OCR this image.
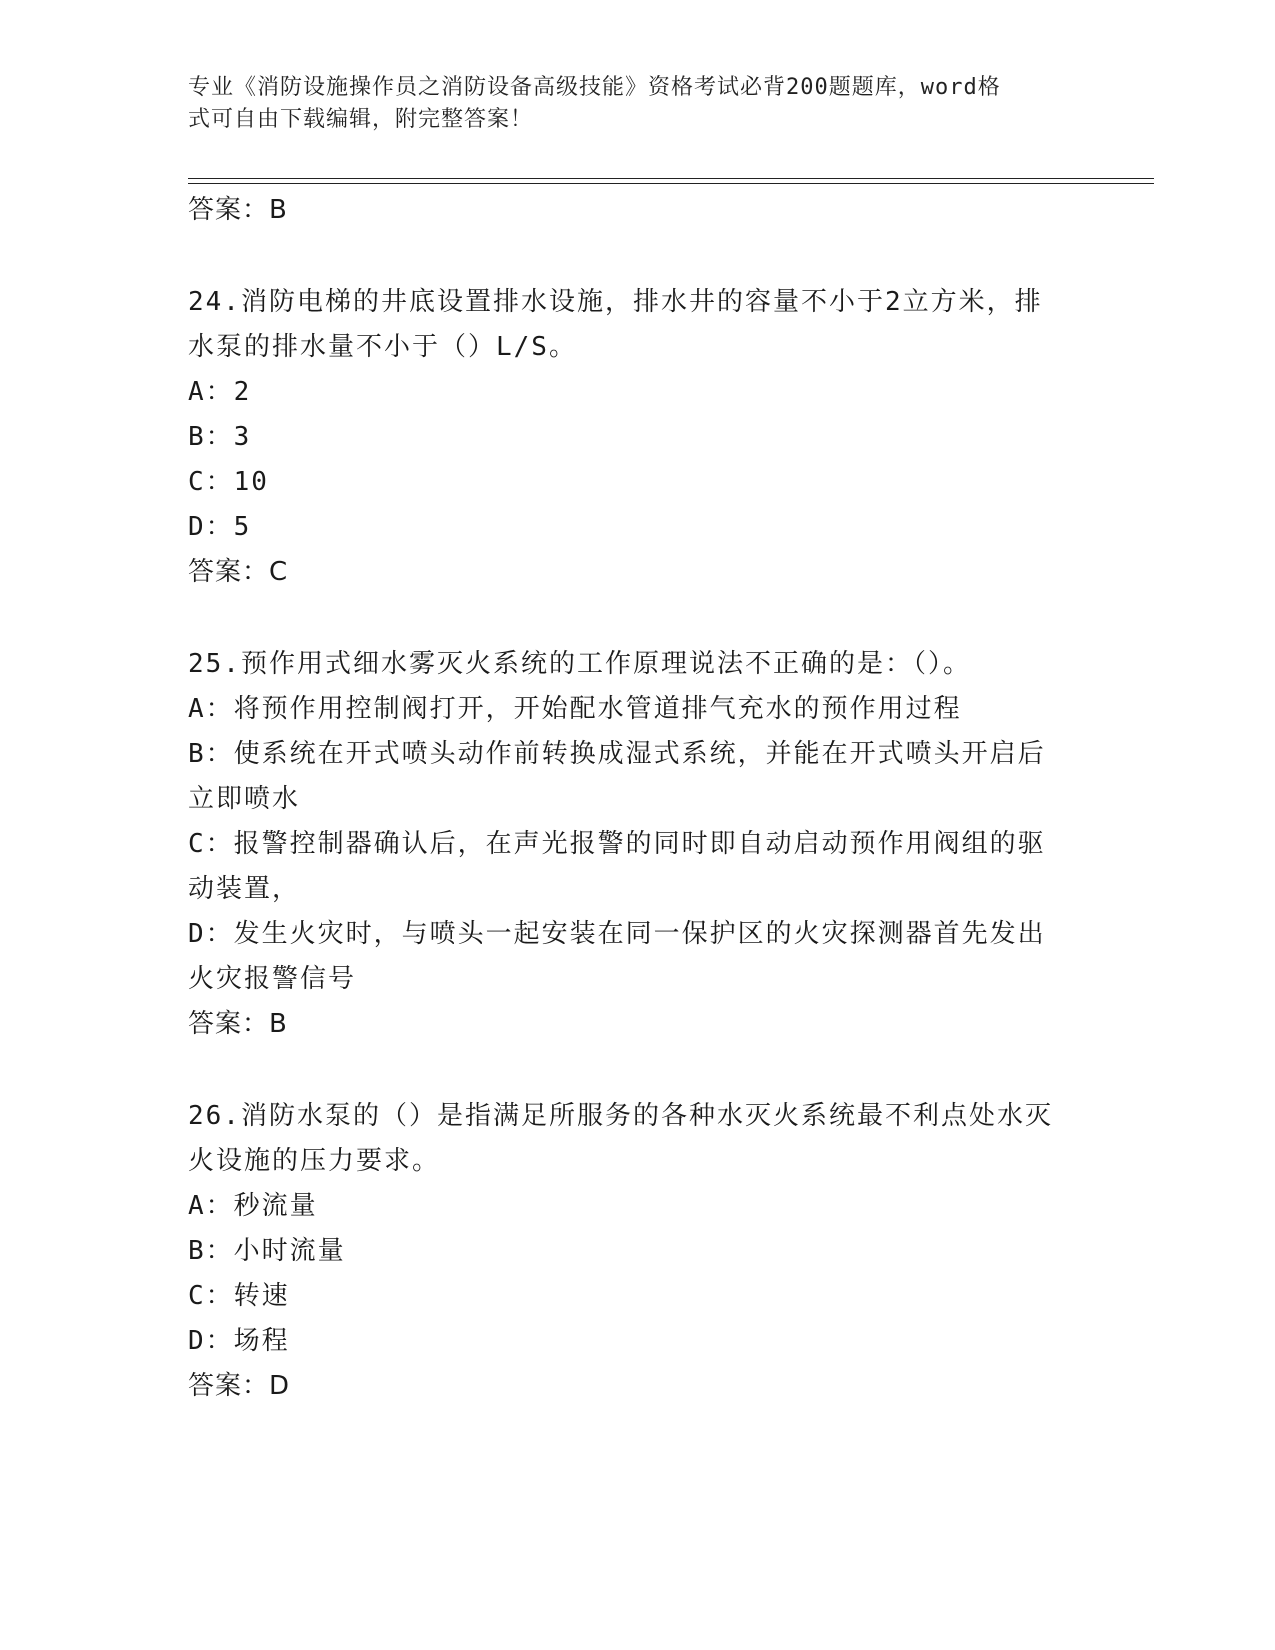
专业《消防设施操作员之消防设备高级技能》资格考试必背200题题库，word格
式可自由下载编辑，附完整答案！
答案：B
24.消防电梯的井底设置排水设施，排水井的容量不小于2立方米，排
水泵的排水量不小于（）L/S。
A：2
B：3
C：10
D：5
答案：C
25.预作用式细水雾灭火系统的工作原理说法不正确的是：（）。
A：将预作用控制阀打开，开始配水管道排气充水的预作用过程
B：使系统在开式喷头动作前转换成湿式系统，并能在开式喷头开启后
立即喷水
C：报警控制器确认后，在声光报警的同时即自动启动预作用阀组的驱
动装置，
D：发生火灾时，与喷头一起安装在同一保护区的火灾探测器首先发出
火灾报警信号
答案：B
26.消防水泵的（）是指满足所服务的各种水灭火系统最不利点处水灭
火设施的压力要求。
A：秒流量
B：小时流量
C：转速
D：场程
答案：D
